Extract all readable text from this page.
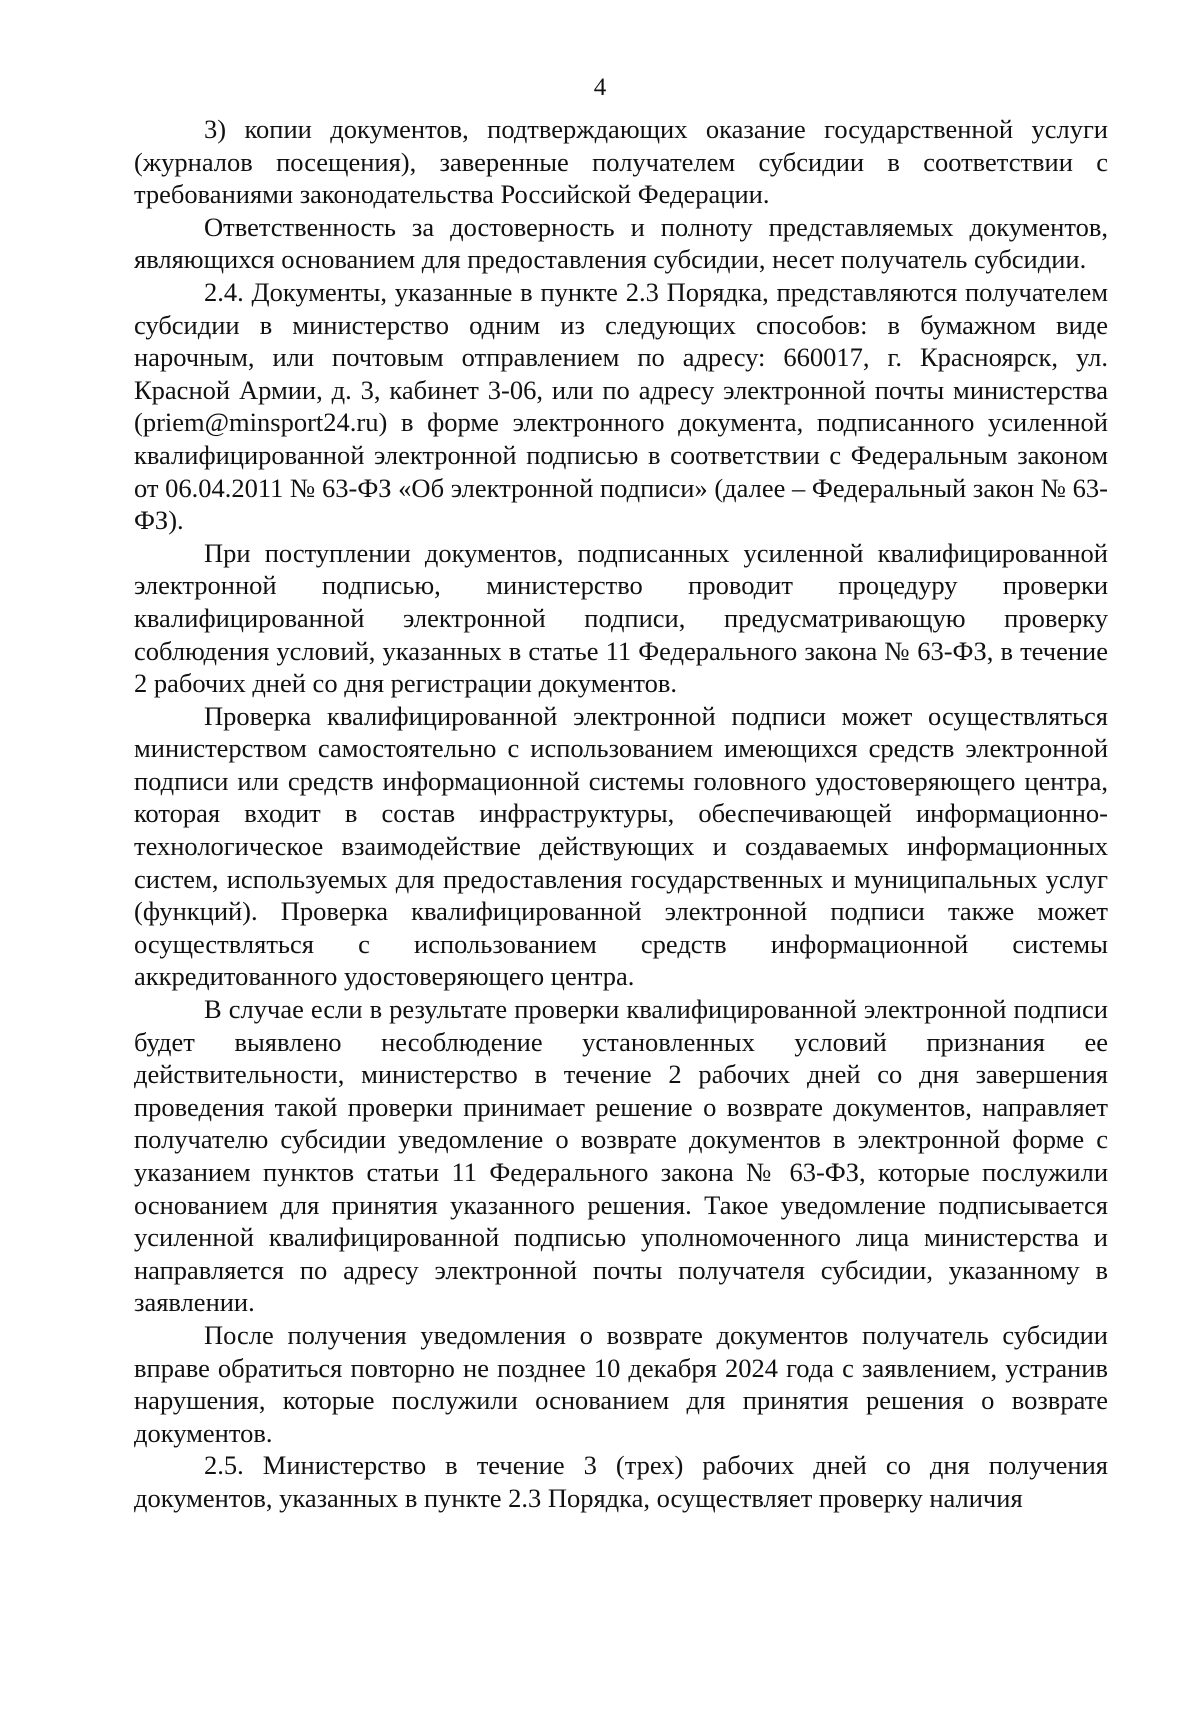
4

3) копии документов, подтверждающих оказание государственной услуги (журналов посещения), заверенные получателем субсидии в соответствии с требованиями законодательства Российской Федерации.

Ответственность за достоверность и полноту представляемых документов, являющихся основанием для предоставления субсидии, несет получатель субсидии.

2.4. Документы, указанные в пункте 2.3 Порядка, представляются получателем субсидии в министерство одним из следующих способов: в бумажном виде нарочным, или почтовым отправлением по адресу: 660017, г. Красноярск, ул. Красной Армии, д. 3, кабинет 3-06, или по адресу электронной почты министерства (priem@minsport24.ru) в форме электронного документа, подписанного усиленной квалифицированной электронной подписью в соответствии с Федеральным законом от 06.04.2011 № 63-ФЗ «Об электронной подписи» (далее – Федеральный закон № 63-ФЗ).

При поступлении документов, подписанных усиленной квалифицированной электронной подписью, министерство проводит процедуру проверки квалифицированной электронной подписи, предусматривающую проверку соблюдения условий, указанных в статье 11 Федерального закона № 63-ФЗ, в течение 2 рабочих дней со дня регистрации документов.

Проверка квалифицированной электронной подписи может осуществляться министерством самостоятельно с использованием имеющихся средств электронной подписи или средств информационной системы головного удостоверяющего центра, которая входит в состав инфраструктуры, обеспечивающей информационно-технологическое взаимодействие действующих и создаваемых информационных систем, используемых для предоставления государственных и муниципальных услуг (функций). Проверка квалифицированной электронной подписи также может осуществляться с использованием средств информационной системы аккредитованного удостоверяющего центра.

В случае если в результате проверки квалифицированной электронной подписи будет выявлено несоблюдение установленных условий признания ее действительности, министерство в течение 2 рабочих дней со дня завершения проведения такой проверки принимает решение о возврате документов, направляет получателю субсидии уведомление о возврате документов в электронной форме с указанием пунктов статьи 11 Федерального закона № 63-ФЗ, которые послужили основанием для принятия указанного решения. Такое уведомление подписывается усиленной квалифицированной подписью уполномоченного лица министерства и направляется по адресу электронной почты получателя субсидии, указанному в заявлении.

После получения уведомления о возврате документов получатель субсидии вправе обратиться повторно не позднее 10 декабря 2024 года с заявлением, устранив нарушения, которые послужили основанием для принятия решения о возврате документов.

2.5. Министерство в течение 3 (трех) рабочих дней со дня получения документов, указанных в пункте 2.3 Порядка, осуществляет проверку наличия
